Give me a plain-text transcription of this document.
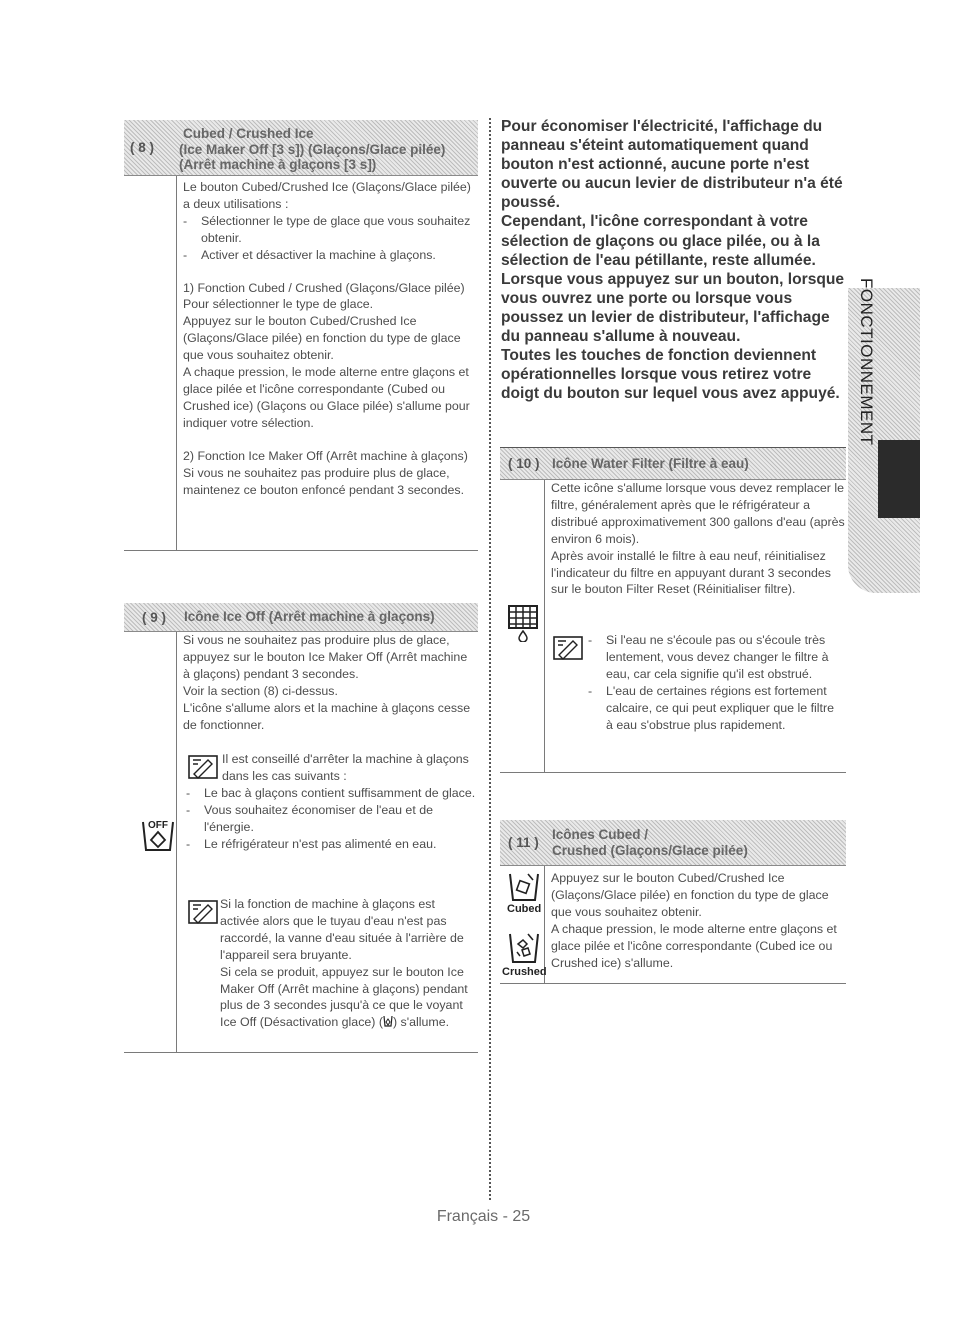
( 8 )
Cubed / Crushed Ice
(Ice Maker Off [3 s]) (Glaçons/Glace pilée)
(Arrêt machine à glaçons [3 s])

Le bouton Cubed/Crushed Ice (Glaçons/Glace pilée) a deux utilisations :

- Sélectionner le type de glace que vous souhaitez obtenir.

- Activer et désactiver la machine à glaçons.

1) Fonction Cubed / Crushed (Glaçons/Glace pilée)

Pour sélectionner le type de glace.

Appuyez sur le bouton Cubed/Crushed Ice (Glaçons/Glace pilée) en fonction du type de glace que vous souhaitez obtenir.

A chaque pression, le mode alterne entre glaçons et glace pilée et l'icône correspondante (Cubed ou Crushed ice) (Glaçons ou Glace pilée) s'allume pour indiquer votre sélection.

2) Fonction Ice Maker Off (Arrêt machine à glaçons)

Si vous ne souhaitez pas produire plus de glace, maintenez ce bouton enfoncé pendant 3 secondes.

( 9 ) Icône Ice Off (Arrêt machine à glaçons)
OFF

Si vous ne souhaitez pas produire plus de glace, appuyez sur le bouton Ice Maker Off (Arrêt machine à glaçons) pendant 3 secondes.

Voir la section (8) ci-dessus.

L'icône s'allume alors et la machine à glaçons cesse de fonctionner.

Il est conseillé d'arrêter la machine à glaçons dans les cas suivants :

- Le bac à glaçons contient suffisamment de glace.

- Vous souhaitez économiser de l'eau et de l'énergie.

- Le réfrigérateur n'est pas alimenté en eau.

Si la fonction de machine à glaçons est activée alors que le tuyau d'eau n'est pas raccordé, la vanne d'eau située à l'arrière de l'appareil sera bruyante.

Si cela se produit, appuyez sur le bouton Ice Maker Off (Arrêt machine à glaçons) pendant plus de 3 secondes jusqu'à ce que le voyant Ice Off (Désactivation glace) ( ) s'allume.

Pour économiser l'électricité, l'affichage du panneau s'éteint automatiquement quand bouton n'est actionné, aucune porte n'est ouverte ou aucun levier de distributeur n'a été poussé.

Cependant, l'icône correspondant à votre sélection de glaçons ou glace pilée, ou à la sélection de l'eau pétillante, reste allumée.

Lorsque vous appuyez sur un bouton, lorsque vous ouvrez une porte ou lorsque vous poussez un levier de distributeur, l'affichage du panneau s'allume à nouveau.

Toutes les touches de fonction deviennent opérationnelles lorsque vous retirez votre doigt du bouton sur lequel vous avez appuyé.

( 10 ) Icône Water Filter (Filtre à eau)

Cette icône s'allume lorsque vous devez remplacer le filtre, généralement après que le réfrigérateur a distribué approximativement 300 gallons d'eau (après environ 6 mois).

Après avoir installé le filtre à eau neuf, réinitialisez l'indicateur du filtre en appuyant durant 3 secondes sur le bouton Filter Reset (Réinitialiser filtre).

- Si l'eau ne s'écoule pas ou s'écoule très lentement, vous devez changer le filtre à eau, car cela signifie qu'il est obstrué.

- L'eau de certaines régions est fortement calcaire, ce qui peut expliquer que le filtre à eau s'obstrue plus rapidement.

( 11 )
Icônes Cubed /
Crushed (Glaçons/Glace pilée)
Cubed
Crushed

Appuyez sur le bouton Cubed/Crushed Ice (Glaçons/Glace pilée) en fonction du type de glace que vous souhaitez obtenir.

A chaque pression, le mode alterne entre glaçons et glace pilée et l'icône correspondante (Cubed ice ou Crushed ice) s'allume.

FONCTIONNEMENT
Français - 25
